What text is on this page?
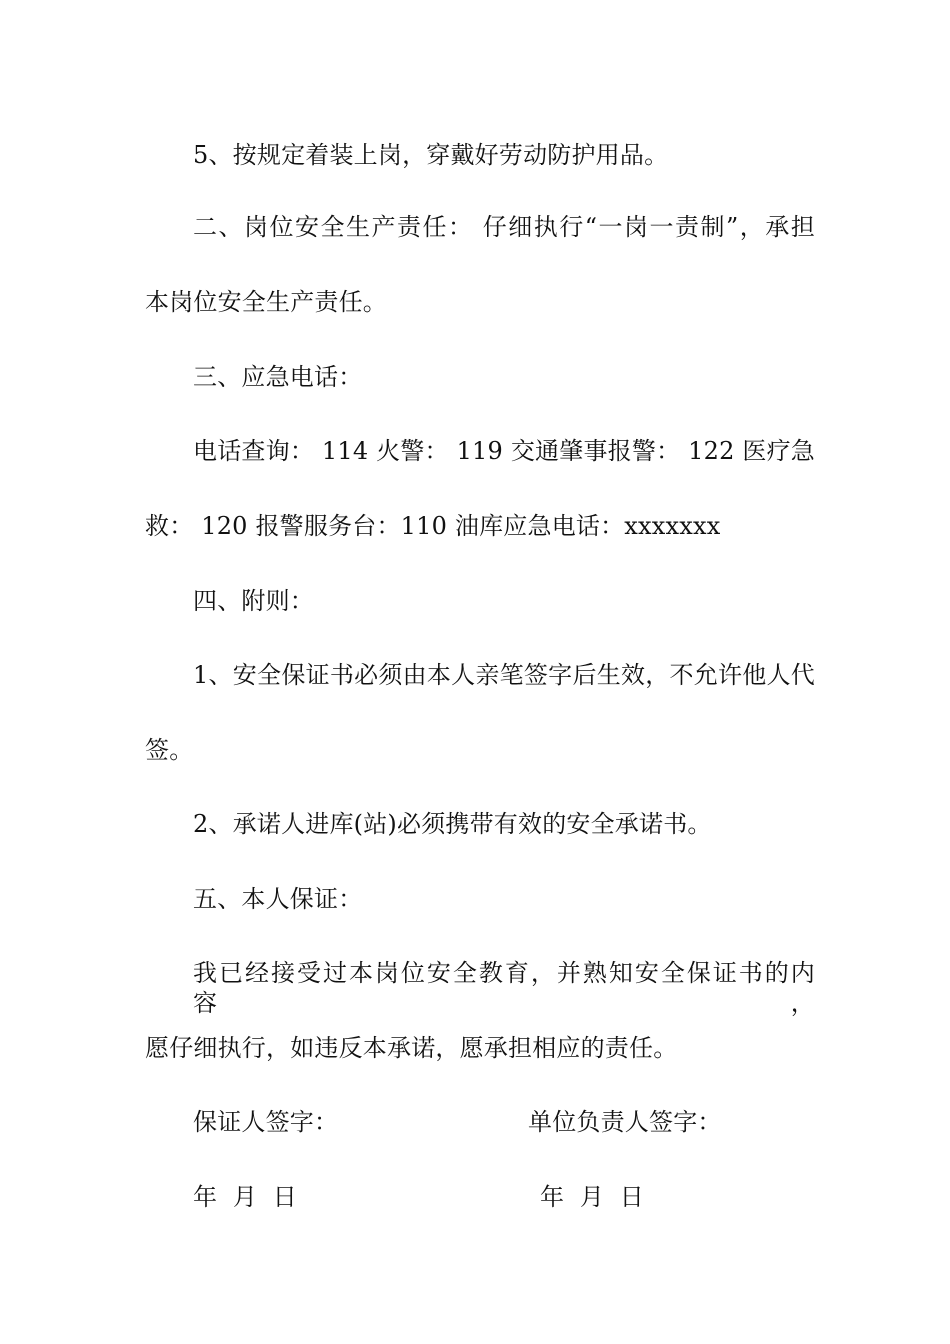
5、按规定着装上岗，穿戴好劳动防护用品。
二、岗位安全生产责任： 仔细执行“一岗一责制”，承担
本岗位安全生产责任。
三、应急电话：
电话查询： 114 火警： 119 交通肇事报警： 122 医疗急
救： 120 报警服务台：110 油库应急电话：xxxxxxx
四、附则：
1、安全保证书必须由本人亲笔签字后生效，不允许他人代
签。
2、承诺人进库(站)必须携带有效的安全承诺书。
五、本人保证：
我已经接受过本岗位安全教育，并熟知安全保证书的内容，
愿仔细执行，如违反本承诺，愿承担相应的责任。
保证人签字：	单位负责人签字：
年  月  日	年  月  日
